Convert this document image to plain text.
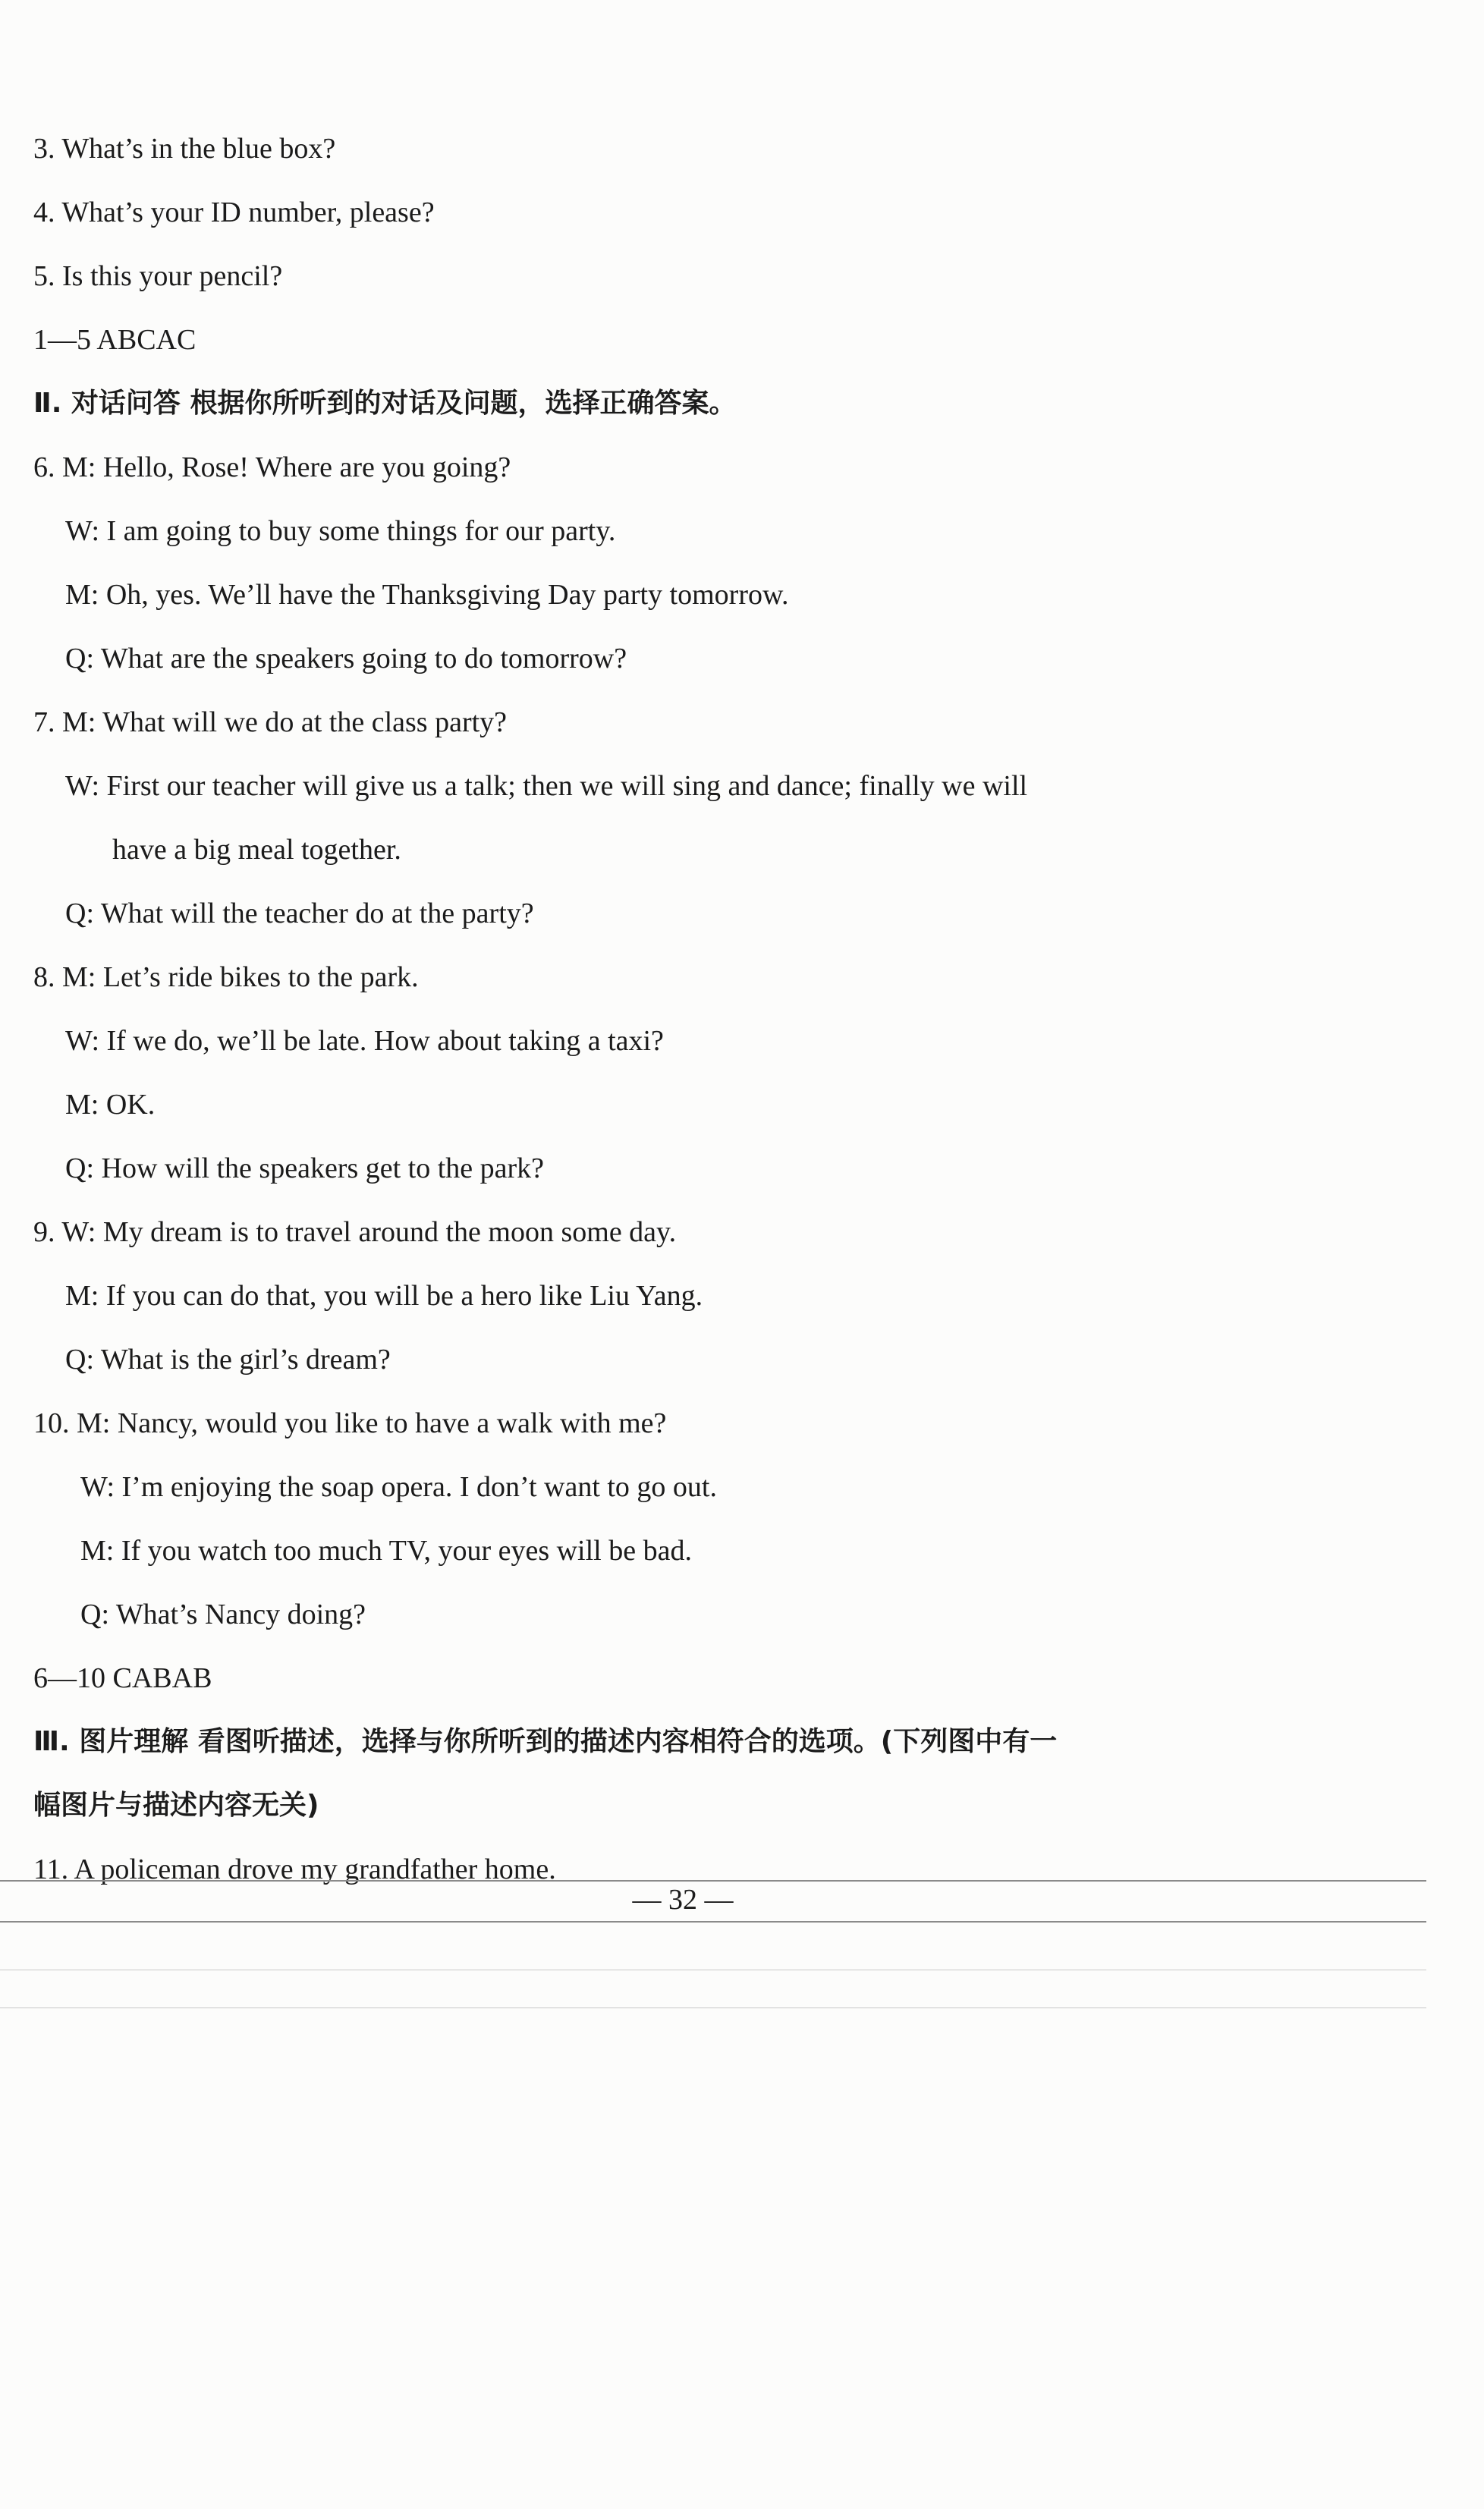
3. What’s in the blue box?
4. What’s your ID number, please?
5. Is this your pencil?
1—5 ABCAC
Ⅱ. 对话问答 根据你所听到的对话及问题，选择正确答案。
6. M: Hello, Rose! Where are you going?
W: I am going to buy some things for our party.
M: Oh, yes. We’ll have the Thanksgiving Day party tomorrow.
Q: What are the speakers going to do tomorrow?
7. M: What will we do at the class party?
W: First our teacher will give us a talk; then we will sing and dance; finally we will
have a big meal together.
Q: What will the teacher do at the party?
8. M: Let’s ride bikes to the park.
W: If we do, we’ll be late. How about taking a taxi?
M: OK.
Q: How will the speakers get to the park?
9. W: My dream is to travel around the moon some day.
M: If you can do that, you will be a hero like Liu Yang.
Q: What is the girl’s dream?
10. M: Nancy, would you like to have a walk with me?
W: I’m enjoying the soap opera. I don’t want to go out.
M: If you watch too much TV, your eyes will be bad.
Q: What’s Nancy doing?
6—10 CABAB
Ⅲ. 图片理解 看图听描述，选择与你所听到的描述内容相符合的选项。(下列图中有一
幅图片与描述内容无关)
11. A policeman drove my grandfather home.
— 32 —
